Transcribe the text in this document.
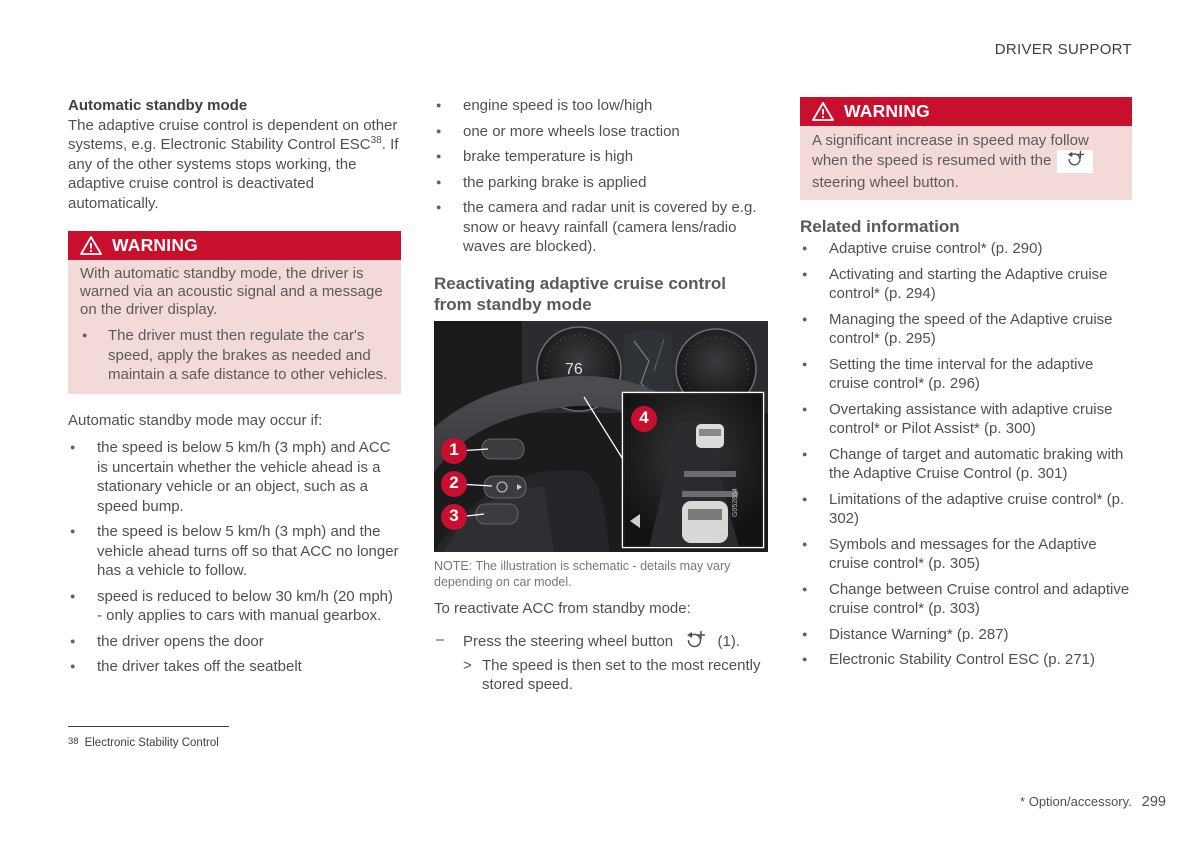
DRIVER SUPPORT
Automatic standby mode
The adaptive cruise control is dependent on other systems, e.g. Electronic Stability Control ESC$^{38}$. If any of the other systems stops working, the adaptive cruise control is deactivated automatically.
WARNING
With automatic standby mode, the driver is warned via an acoustic signal and a message on the driver display.
● The driver must then regulate the car's speed, apply the brakes as needed and maintain a safe distance to other vehicles.
Automatic standby mode may occur if:
● the speed is below 5 km/h (3 mph) and ACC is uncertain whether the vehicle ahead is a stationary vehicle or an object, such as a speed bump.
● the speed is below 5 km/h (3 mph) and the vehicle ahead turns off so that ACC no longer has a vehicle to follow.
● speed is reduced to below 30 km/h (20 mph) - only applies to cars with manual gearbox.
● the driver opens the door
● the driver takes off the seatbelt
● engine speed is too low/high
● one or more wheels lose traction
● brake temperature is high
● the parking brake is applied
● the camera and radar unit is covered by e.g. snow or heavy rainfall (camera lens/radio waves are blocked).
Reactivating adaptive cruise control from standby mode
76
4
1
2
3	G052864
NOTE: The illustration is schematic - details may vary depending on car model.
To reactivate ACC from standby mode:
– Press the steering wheel button	(1).
> The speed is then set to the most recently stored speed.
WARNING
A significant increase in speed may follow when the speed is resumed with the  steering wheel button.
Related information
● Adaptive cruise control* (p. 290)
● Activating and starting the Adaptive cruise control* (p. 294)
● Managing the speed of the Adaptive cruise control* (p. 295)
● Setting the time interval for the adaptive cruise control* (p. 296)
● Overtaking assistance with adaptive cruise control* or Pilot Assist* (p. 300)
● Change of target and automatic braking with the Adaptive Cruise Control (p. 301)
● Limitations of the adaptive cruise control* (p. 302)
● Symbols and messages for the Adaptive cruise control* (p. 305)
● Change between Cruise control and adaptive cruise control* (p. 303)
● Distance Warning* (p. 287)
● Electronic Stability Control ESC (p. 271)
38 Electronic Stability Control
* Option/accessory. 299
